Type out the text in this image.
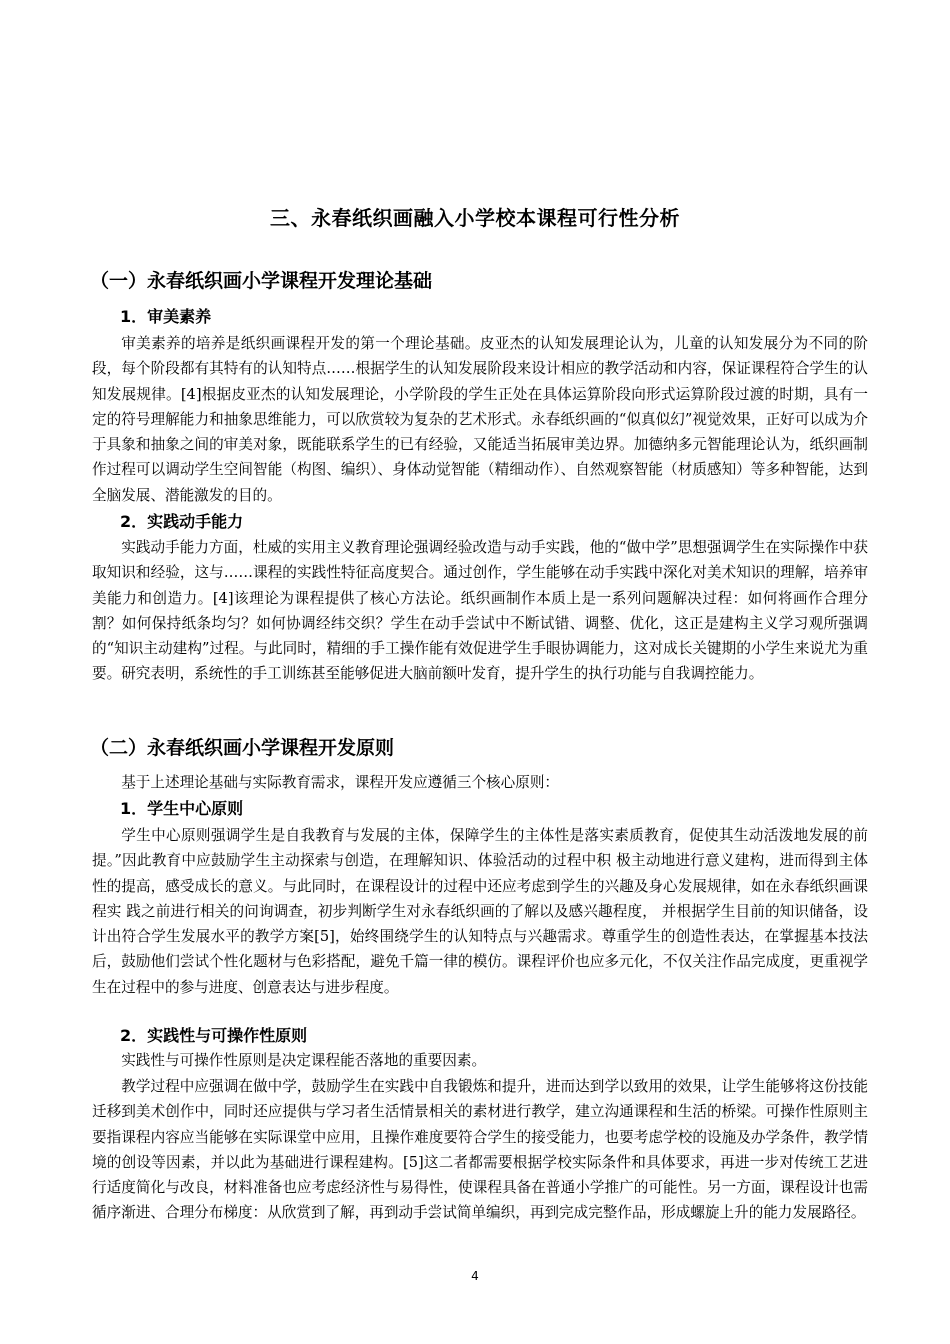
三、永春纸织画融入小学校本课程可行性分析
（一）永春纸织画小学课程开发理论基础
1．审美素养

审美素养的培养是纸织画课程开发的第一个理论基础。皮亚杰的认知发展理论认为，儿童的认知发展分为不同的阶段，每个阶段都有其特有的认知特点……根据学生的认知发展阶段来设计相应的教学活动和内容，保证课程符合学生的认知发展规律。[4]根据皮亚杰的认知发展理论，小学阶段的学生正处在具体运算阶段向形式运算阶段过渡的时期，具有一定的符号理解能力和抽象思维能力，可以欣赏较为复杂的艺术形式。永春纸织画的“似真似幻”视觉效果，正好可以成为介于具象和抽象之间的审美对象，既能联系学生的已有经验，又能适当拓展审美边界。加德纳多元智能理论认为，纸织画制作过程可以调动学生空间智能（构图、编织）、身体动觉智能（精细动作）、自然观察智能（材质感知）等多种智能，达到全脑发展、潜能激发的目的。

2．实践动手能力

实践动手能力方面，杜威的实用主义教育理论强调经验改造与动手实践，他的“做中学”思想强调学生在实际操作中获取知识和经验，这与……课程的实践性特征高度契合。通过创作，学生能够在动手实践中深化对美术知识的理解，培养审美能力和创造力。[4]该理论为课程提供了核心方法论。纸织画制作本质上是一系列问题解决过程：如何将画作合理分割？如何保持纸条均匀？如何协调经纬交织？学生在动手尝试中不断试错、调整、优化，这正是建构主义学习观所强调的“知识主动建构”过程。与此同时，精细的手工操作能有效促进学生手眼协调能力，这对成长关键期的小学生来说尤为重要。研究表明，系统性的手工训练甚至能够促进大脑前额叶发育，提升学生的执行功能与自我调控能力。

（二）永春纸织画小学课程开发原则

基于上述理论基础与实际教育需求，课程开发应遵循三个核心原则：

1．学生中心原则

学生中心原则强调学生是自我教育与发展的主体，保障学生的主体性是落实素质教育，促使其生动活泼地发展的前提。”因此教育中应鼓励学生主动探索与创造，在理解知识、体验活动的过程中积 极主动地进行意义建构，进而得到主体性的提高，感受成长的意义。与此同时，在课程设计的过程中还应考虑到学生的兴趣及身心发展规律，如在永春纸织画课程实 践之前进行相关的问询调查，初步判断学生对永春纸织画的了解以及感兴趣程度， 并根据学生目前的知识储备，设计出符合学生发展水平的教学方案[5]，始终围绕学生的认知特点与兴趣需求。尊重学生的创造性表达，在掌握基本技法后，鼓励他们尝试个性化题材与色彩搭配，避免千篇一律的模仿。课程评价也应多元化，不仅关注作品完成度，更重视学生在过程中的参与进度、创意表达与进步程度。

2．实践性与可操作性原则

实践性与可操作性原则是决定课程能否落地的重要因素。

教学过程中应强调在做中学，鼓励学生在实践中自我锻炼和提升，进而达到学以致用的效果，让学生能够将这份技能迁移到美术创作中，同时还应提供与学习者生活情景相关的素材进行教学，建立沟通课程和生活的桥梁。可操作性原则主要指课程内容应当能够在实际课堂中应用，且操作难度要符合学生的接受能力，也要考虑学校的设施及办学条件，教学情境的创设等因素，并以此为基础进行课程建构。[5]这二者都需要根据学校实际条件和具体要求，再进一步对传统工艺进行适度简化与改良，材料准备也应考虑经济性与易得性，使课程具备在普通小学推广的可能性。另一方面，课程设计也需循序渐进、合理分布梯度：从欣赏到了解，再到动手尝试简单编织，再到完成完整作品，形成螺旋上升的能力发展路径。

4
